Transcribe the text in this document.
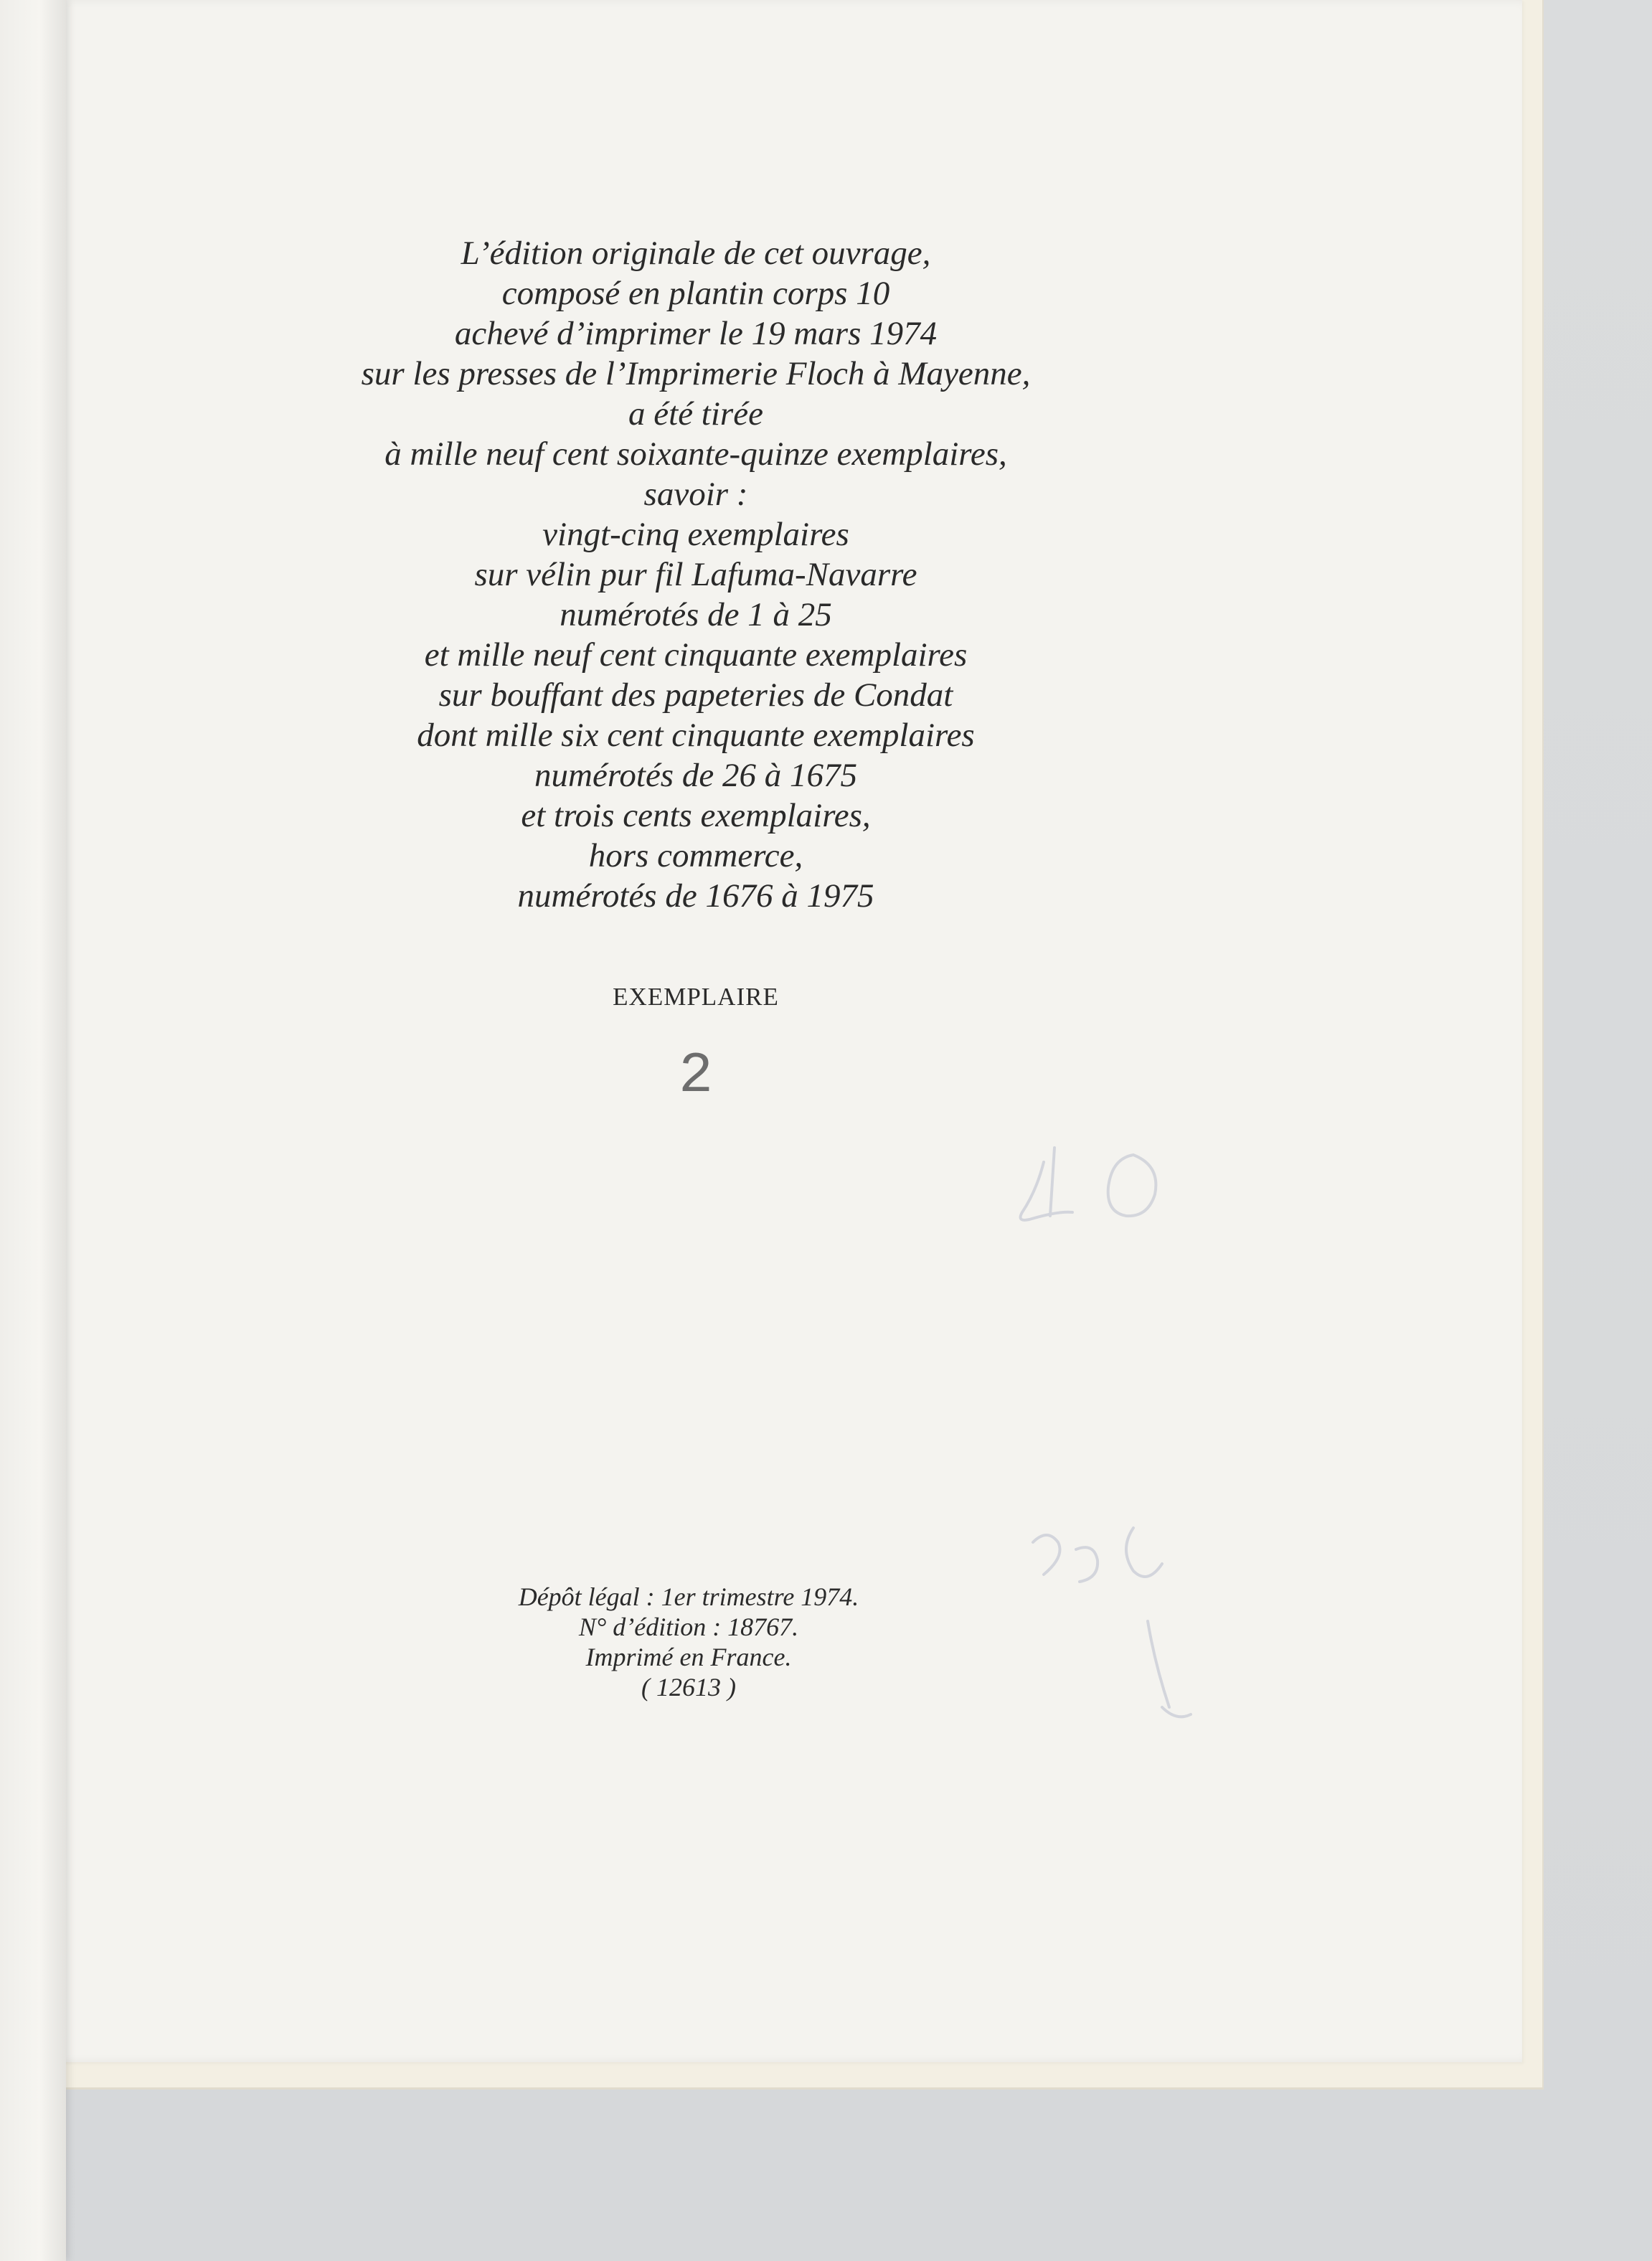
L’édition originale de cet ouvrage,
composé en plantin corps 10
achevé d’imprimer le 19 mars 1974
sur les presses de l’Imprimerie Floch à Mayenne,
a été tirée
à mille neuf cent soixante-quinze exemplaires,
savoir :
vingt-cinq exemplaires
sur vélin pur fil Lafuma-Navarre
numérotés de 1 à 25
et mille neuf cent cinquante exemplaires
sur bouffant des papeteries de Condat
dont mille six cent cinquante exemplaires
numérotés de 26 à 1675
et trois cents exemplaires,
hors commerce,
numérotés de 1676 à 1975
EXEMPLAIRE
2
Dépôt légal : 1er trimestre 1974.
N° d’édition : 18767.
Imprimé en France.
( 12613 )
